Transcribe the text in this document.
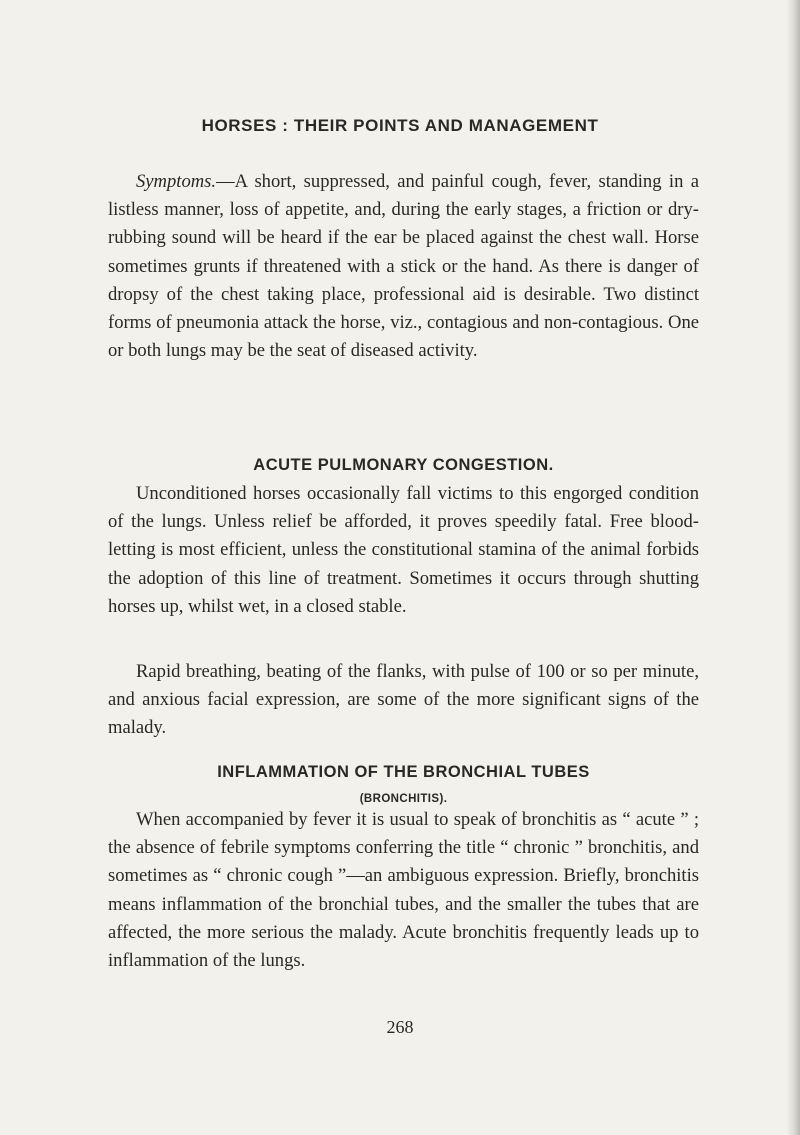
HORSES : THEIR POINTS AND MANAGEMENT

Symptoms.—A short, suppressed, and painful cough, fever, standing in a listless manner, loss of appetite, and, during the early stages, a friction or dry-rubbing sound will be heard if the ear be placed against the chest wall. Horse sometimes grunts if threatened with a stick or the hand. As there is danger of dropsy of the chest taking place, professional aid is desirable. Two distinct forms of pneumonia attack the horse, viz., contagious and non-contagious. One or both lungs may be the seat of diseased activity.

ACUTE PULMONARY CONGESTION.

Unconditioned horses occasionally fall victims to this engorged condition of the lungs. Unless relief be afforded, it proves speedily fatal. Free blood-letting is most efficient, unless the constitutional stamina of the animal forbids the adoption of this line of treatment. Sometimes it occurs through shutting horses up, whilst wet, in a closed stable.

Rapid breathing, beating of the flanks, with pulse of 100 or so per minute, and anxious facial expression, are some of the more significant signs of the malady.

INFLAMMATION OF THE BRONCHIAL TUBES
(BRONCHITIS).

When accompanied by fever it is usual to speak of bronchitis as “ acute ” ; the absence of febrile symptoms conferring the title “ chronic ” bronchitis, and sometimes as “ chronic cough ”—an ambiguous expression. Briefly, bronchitis means inflammation of the bronchial tubes, and the smaller the tubes that are affected, the more serious the malady. Acute bronchitis frequently leads up to inflammation of the lungs.

268
